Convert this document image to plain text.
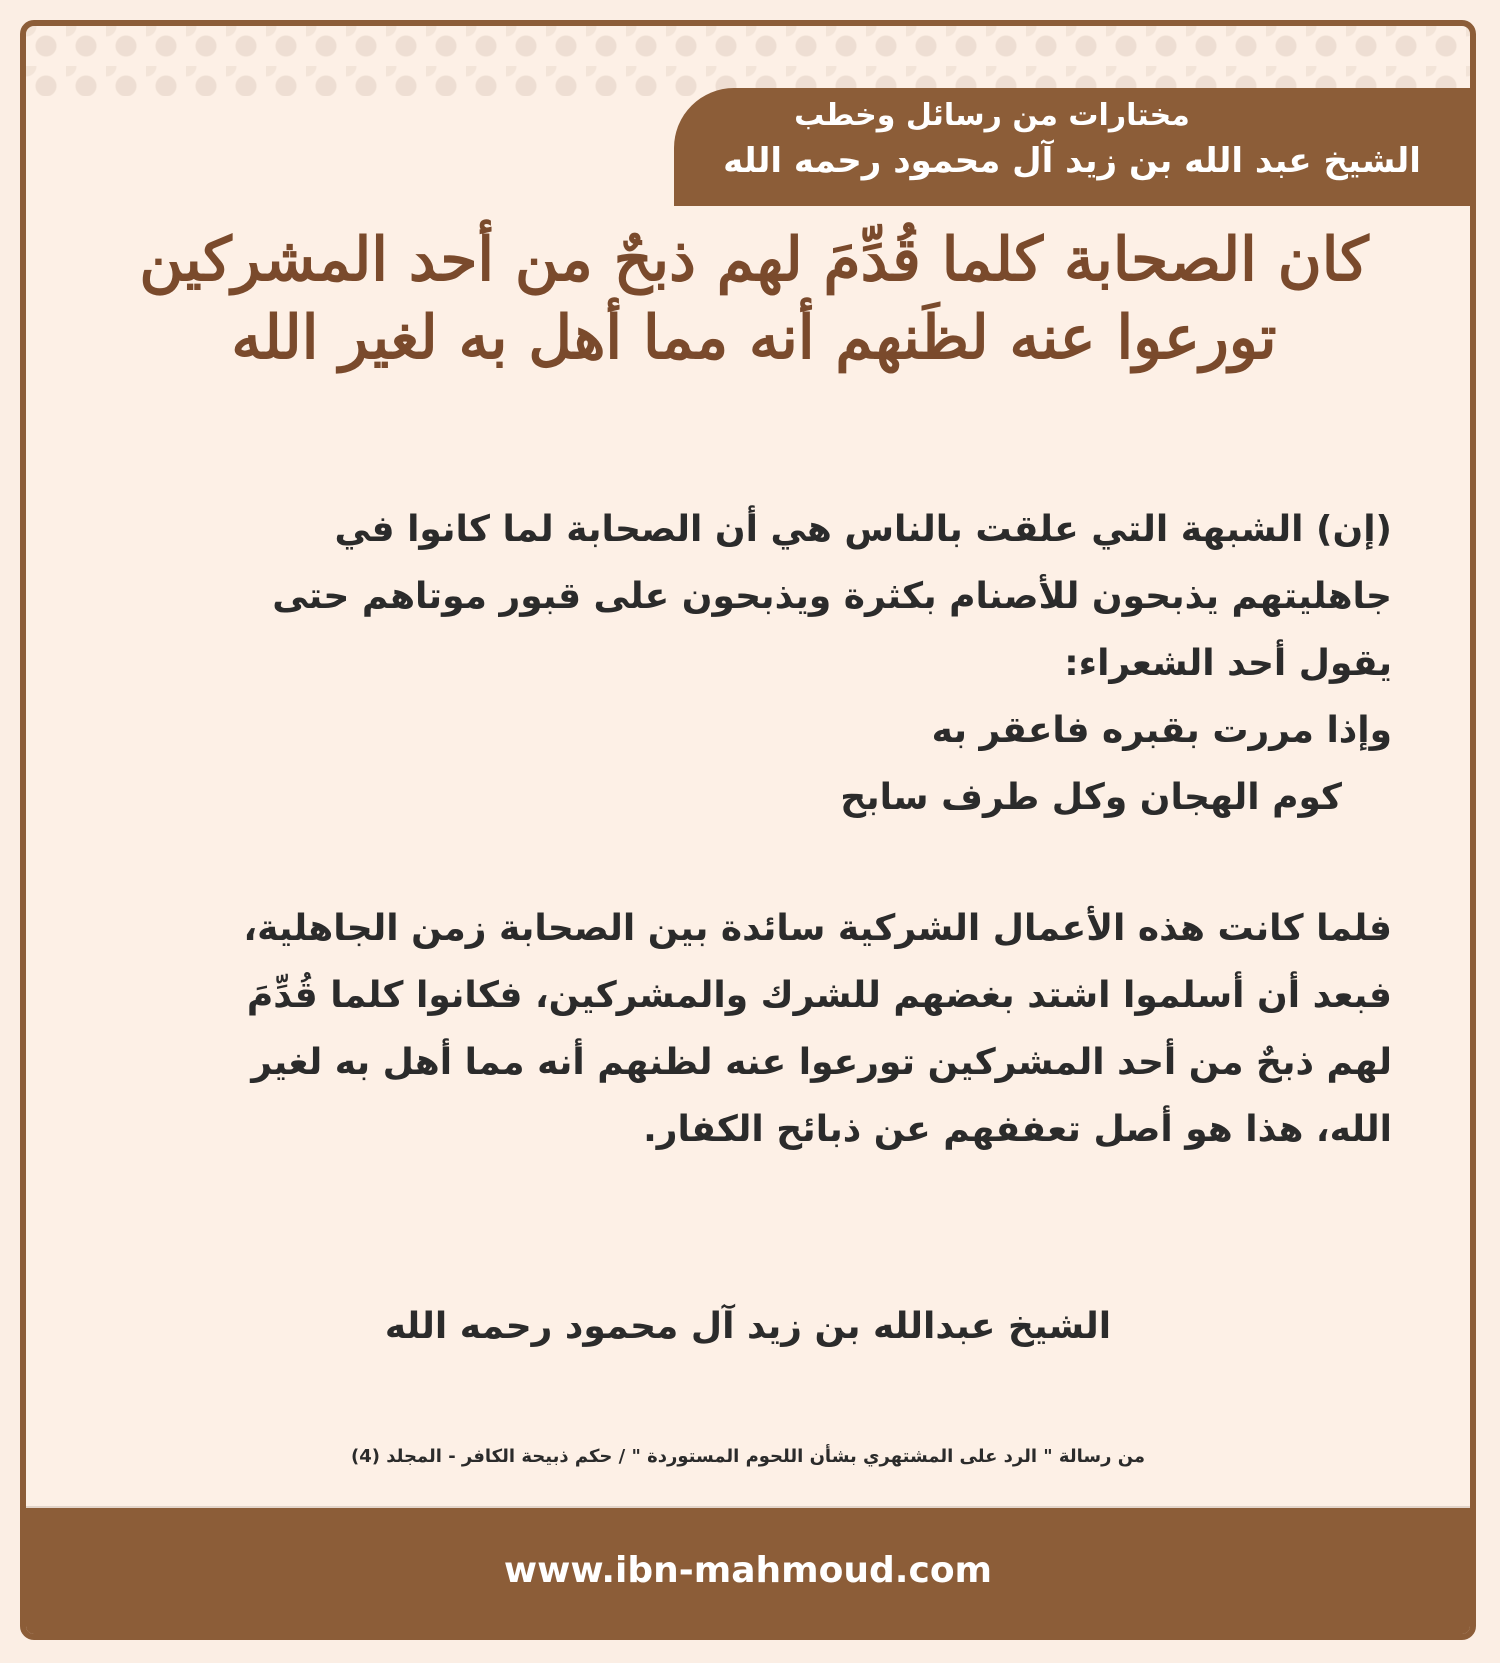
مختارات من رسائل وخطب
الشيخ عبد الله بن زيد آل محمود رحمه الله
كان الصحابة كلما قُدِّمَ لهم ذبحٌ من أحد المشركين تورعوا عنه لظَنهم أنه مما أهل به لغير الله

(إن) الشبهة التي علقت بالناس هي أن الصحابة لما كانوا في جاهليتهم يذبحون للأصنام بكثرة ويذبحون على قبور موتاهم حتى يقول أحد الشعراء:

وإذا مررت بقبره فاعقر به

كوم الهجان وكل طرف سابح

فلما كانت هذه الأعمال الشركية سائدة بين الصحابة زمن الجاهلية، فبعد أن أسلموا اشتد بغضهم للشرك والمشركين، فكانوا كلما قُدِّمَ لهم ذبحٌ من أحد المشركين تورعوا عنه لظنهم أنه مما أهل به لغير الله، هذا هو أصل تعففهم عن ذبائح الكفار.

الشيخ عبدالله بن زيد آل محمود رحمه الله
من رسالة " الرد على المشتهري بشأن اللحوم المستوردة " / حكم ذبيحة الكافر - المجلد (4)
www.ibn-mahmoud.com
